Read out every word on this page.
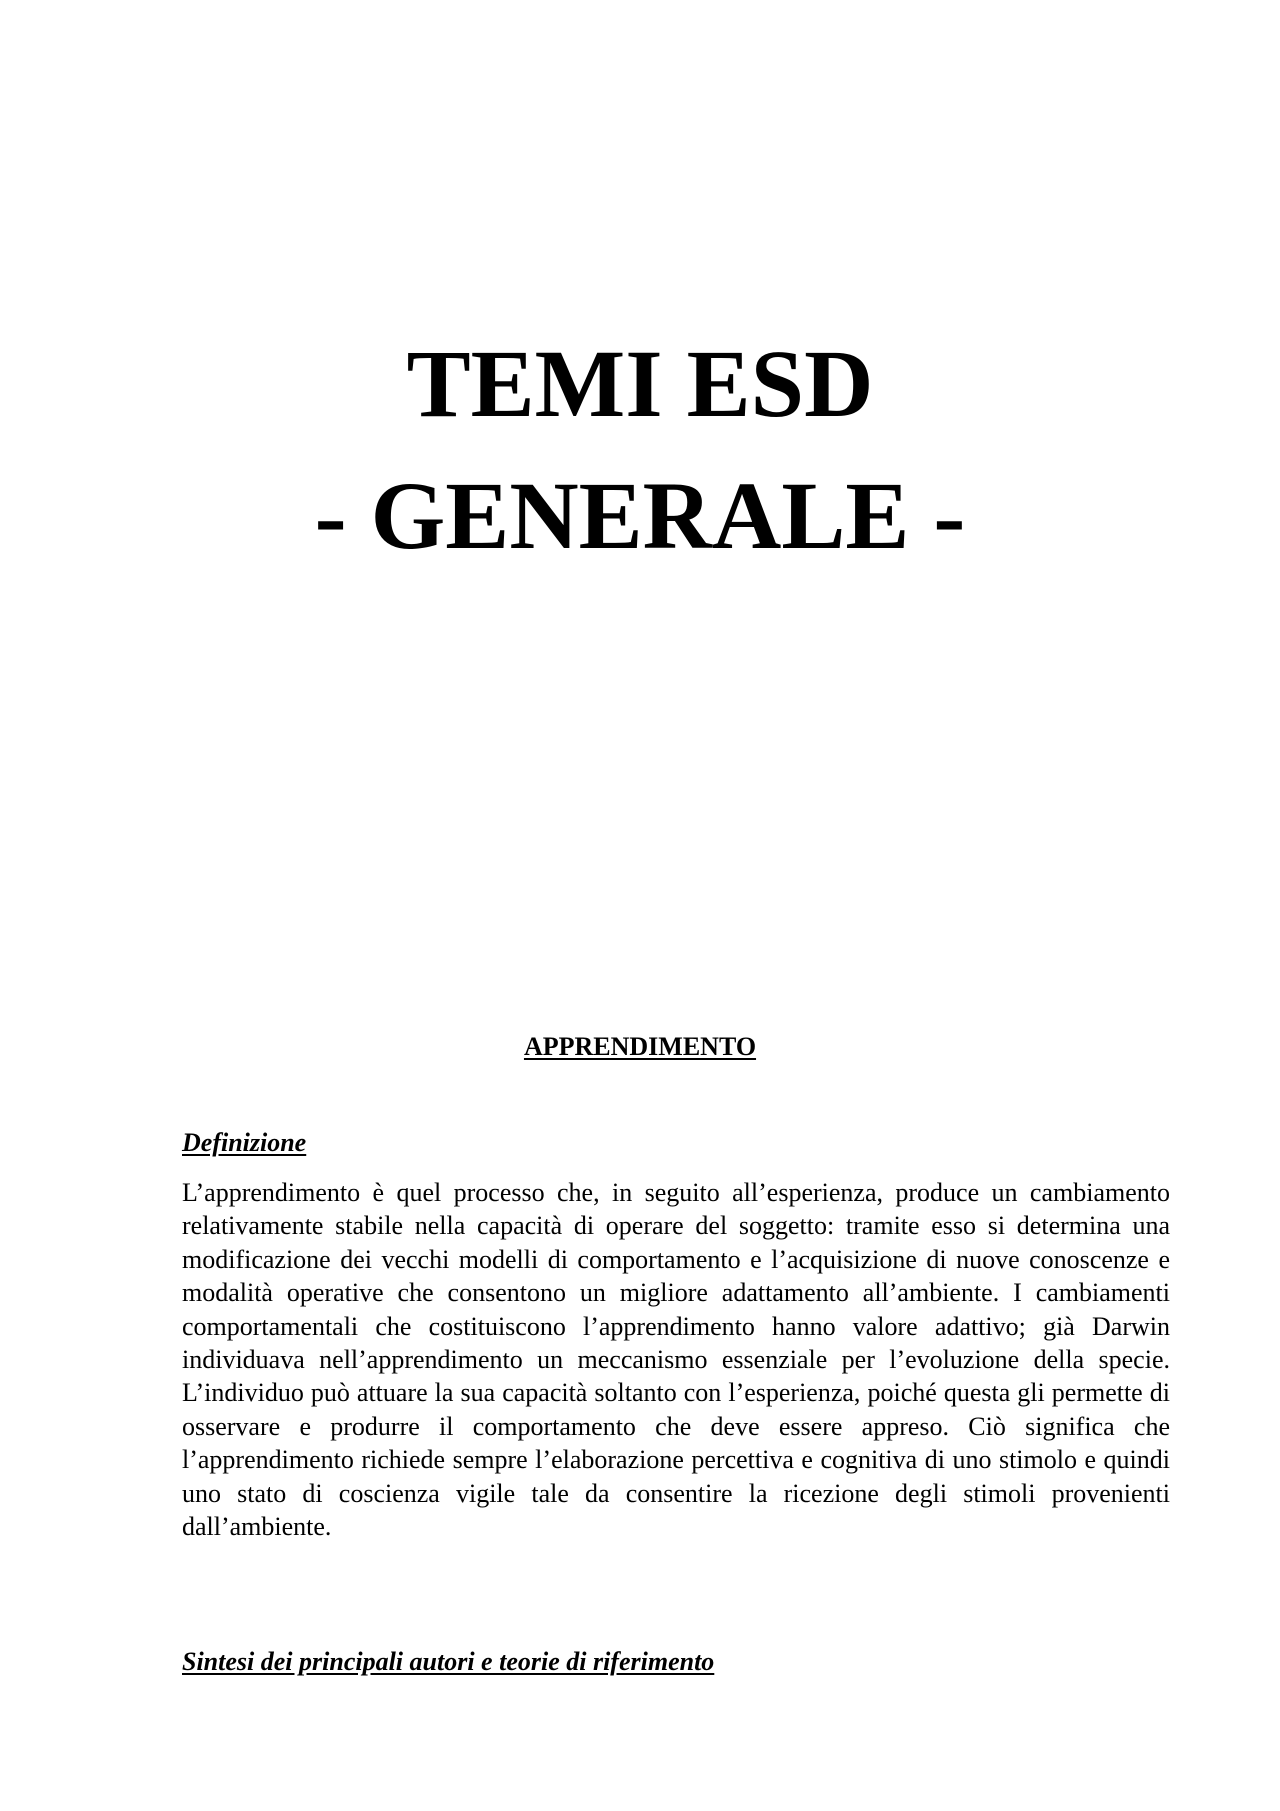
TEMI ESD

- GENERALE -

APPRENDIMENTO
Definizione

L’apprendimento è quel processo che, in seguito all’esperienza, produce un cambiamento relativamente stabile nella capacità di operare del soggetto: tramite esso si determina una modificazione dei vecchi modelli di comportamento e l’acquisizione di nuove conoscenze e modalità operative che consentono un migliore adattamento all’ambiente. I cambiamenti comportamentali che costituiscono l’apprendimento hanno valore adattivo; già Darwin individuava nell’apprendimento un meccanismo essenziale per l’evoluzione della specie. L’individuo può attuare la sua capacità soltanto con l’esperienza, poiché questa gli permette di osservare e produrre il comportamento che deve essere appreso. Ciò significa che l’apprendimento richiede sempre l’elaborazione percettiva e cognitiva di uno stimolo e quindi uno stato di coscienza vigile tale da consentire la ricezione degli stimoli provenienti dall’ambiente.

Sintesi dei principali autori e teorie di riferimento
